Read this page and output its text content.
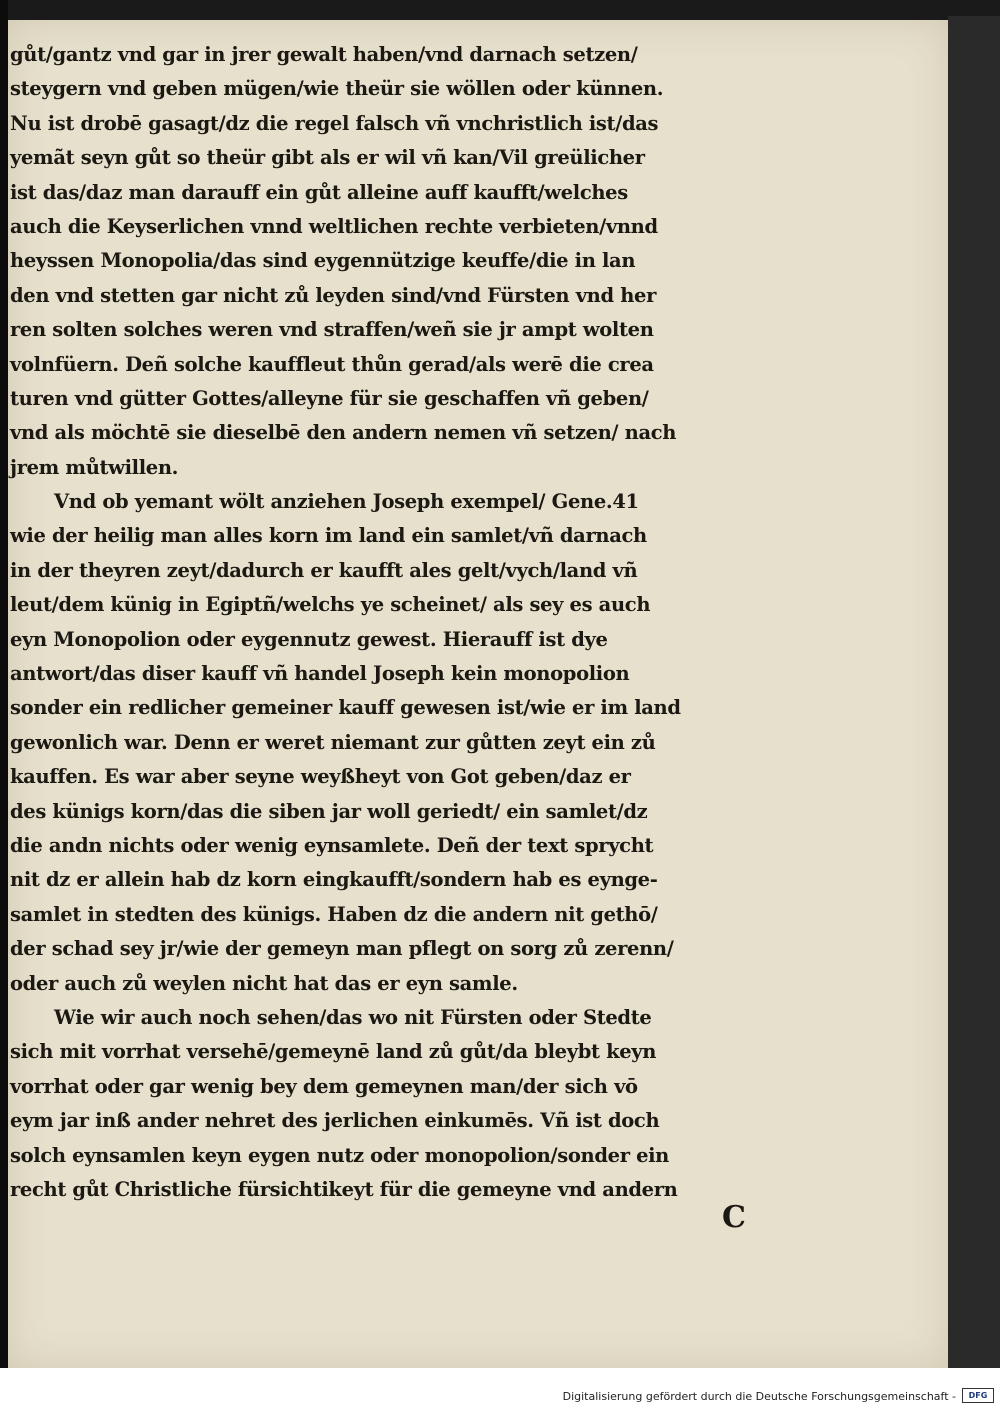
gůt/gantz vnd gar in jrer gewalt haben/vnd darnach setzen/
steygern vnd geben mügen/wie theür sie wöllen oder künnen.
Nu ist drobē gasagt/dz die regel falsch vñ vnchristlich ist/das
yemãt seyn gůt so theür gibt als er wil vñ kan/Vil greülicher
ist das/daz man darauff ein gůt alleine auff kaufft/welches
auch die Keyserlichen vnnd weltlichen rechte verbieten/vnnd
heyssen Monopolia/das sind eygennützige keuffe/die in lan
den vnd stetten gar nicht zů leyden sind/vnd Fürsten vnd her
ren solten solches weren vnd straffen/weñ sie jr ampt wolten
volnfüern. Deñ solche kauffleut thůn gerad/als werē die crea
turen vnd gütter Gottes/alleyne für sie geschaffen vñ geben/
vnd als möchtē sie dieselbē den andern nemen vñ setzen/ nach
jrem můtwillen.
Vnd ob yemant wölt anziehen Joseph exempel/ Gene.41
wie der heilig man alles korn im land ein samlet/vñ darnach
in der theyren zeyt/dadurch er kaufft ales gelt/vych/land vñ
leut/dem künig in Egiptñ/welchs ye scheinet/ als sey es auch
eyn Monopolion oder eygennutz gewest. Hierauff ist dye
antwort/das diser kauff vñ handel Joseph kein monopolion
sonder ein redlicher gemeiner kauff gewesen ist/wie er im land
gewonlich war. Denn er weret niemant zur gůtten zeyt ein zů
kauffen. Es war aber seyne weyßheyt von Got geben/daz er
des künigs korn/das die siben jar woll geriedt/ ein samlet/dz
die andn nichts oder wenig eynsamlete. Deñ der text sprycht
nit dz er allein hab dz korn eingkaufft/sondern hab es eynge-
samlet in stedten des künigs. Haben dz die andern nit gethō/
der schad sey jr/wie der gemeyn man pflegt on sorg zů zerenn/
oder auch zů weylen nicht hat das er eyn samle.
Wie wir auch noch sehen/das wo nit Fürsten oder Stedte
sich mit vorrhat versehē/gemeynē land zů gůt/da bleybt keyn
vorrhat oder gar wenig bey dem gemeynen man/der sich vō
eym jar inß ander nehret des jerlichen einkumēs. Vñ ist doch
solch eynsamlen keyn eygen nutz oder monopolion/sonder ein
recht gůt Christliche fürsichtikeyt für die gemeyne vnd andern
C
Digitalisierung gefördert durch die Deutsche Forschungsgemeinschaft -	DFG
